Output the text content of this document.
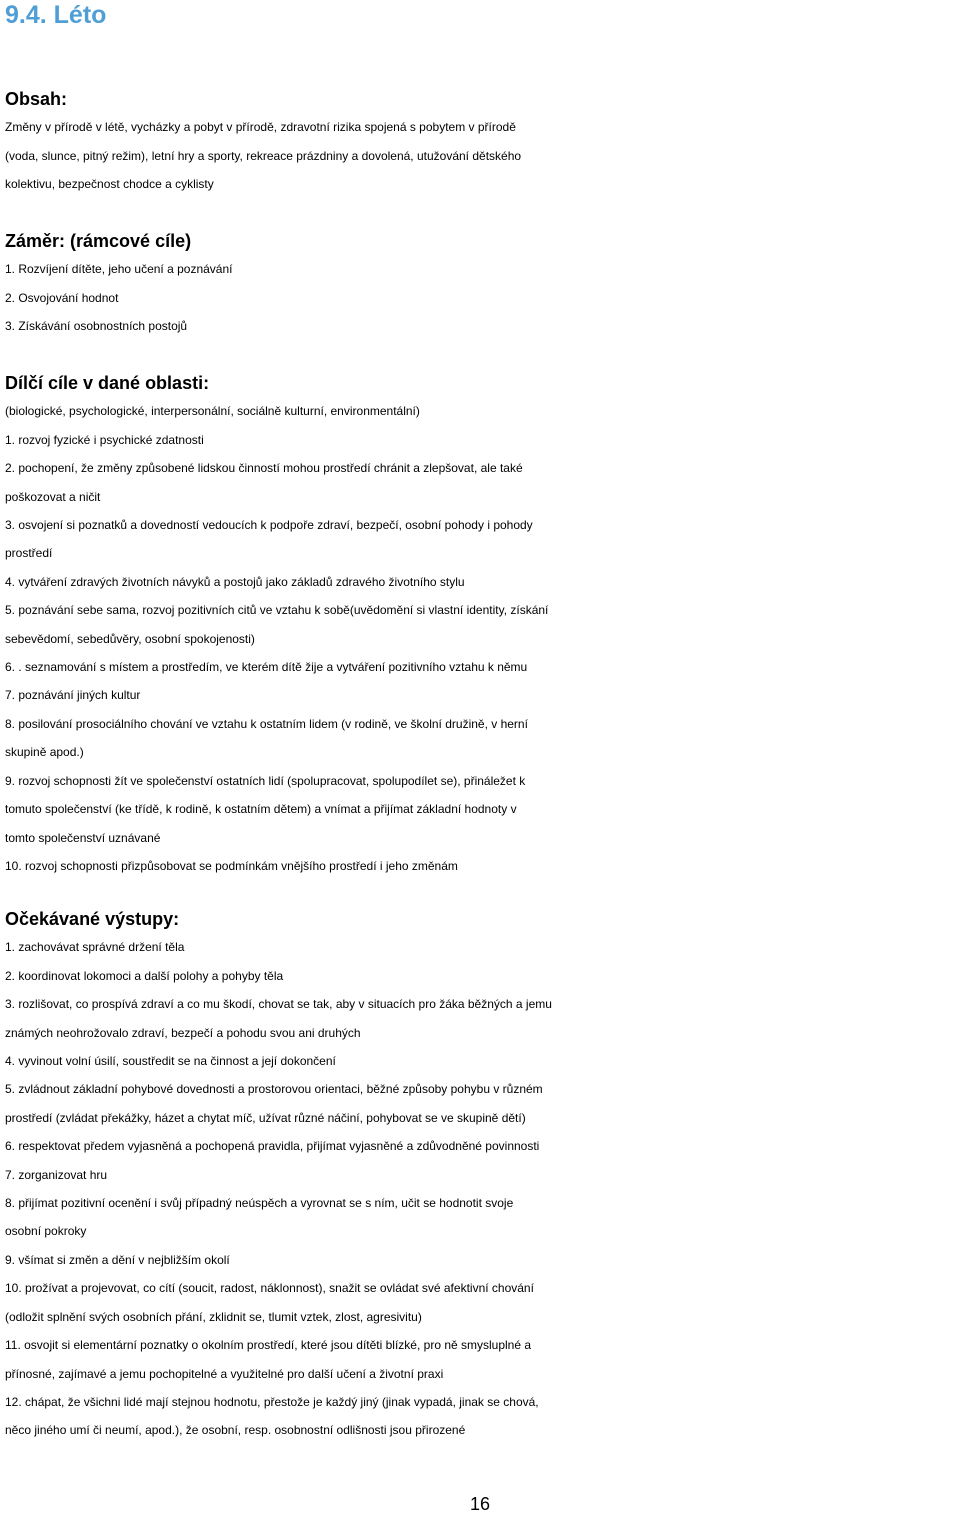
9.4. Léto

Obsah:

Změny v přírodě v létě, vycházky a pobyt v přírodě, zdravotní rizika spojená s pobytem v přírodě

(voda, slunce, pitný režim), letní hry a sporty, rekreace prázdniny a dovolená, utužování dětského

kolektivu, bezpečnost chodce a cyklisty

Záměr: (rámcové cíle)

1. Rozvíjení dítěte, jeho učení a poznávání

2. Osvojování hodnot

3. Získávání osobnostních postojů

Dílčí cíle v dané oblasti:

(biologické, psychologické, interpersonální, sociálně kulturní, environmentální)

1. rozvoj fyzické i psychické zdatnosti

2. pochopení, že změny způsobené lidskou činností mohou prostředí chránit a zlepšovat, ale také

poškozovat a ničit

3. osvojení si poznatků a dovedností vedoucích k podpoře zdraví, bezpečí, osobní pohody i pohody

prostředí

4. vytváření zdravých životních návyků a postojů jako základů zdravého životního stylu

5. poznávání sebe sama, rozvoj pozitivních citů ve vztahu k sobě(uvědomění si vlastní identity, získání

sebevědomí, sebedůvěry, osobní spokojenosti)

6. . seznamování s místem a prostředím, ve kterém dítě žije a vytváření pozitivního vztahu k němu

7. poznávání jiných kultur

8. posilování prosociálního chování ve vztahu k ostatním lidem (v rodině, ve školní družině, v herní

skupině apod.)

9. rozvoj schopnosti žít ve společenství ostatních lidí (spolupracovat, spolupodílet se), přináležet k

tomuto společenství (ke třídě, k rodině, k ostatním dětem) a vnímat a přijímat základní hodnoty v

tomto společenství uznávané

10. rozvoj schopnosti přizpůsobovat se podmínkám vnějšího prostředí i jeho změnám

Očekávané výstupy:

1. zachovávat správné držení těla

2. koordinovat lokomoci a další polohy a pohyby těla

3. rozlišovat, co prospívá zdraví a co mu škodí, chovat se tak, aby v situacích pro žáka běžných a jemu

známých neohrožovalo zdraví, bezpečí a pohodu svou ani druhých

4. vyvinout volní úsilí, soustředit se na činnost a její dokončení

5. zvládnout základní pohybové dovednosti a prostorovou orientaci, běžné způsoby pohybu v různém

prostředí (zvládat překážky, házet a chytat míč, užívat různé náčiní, pohybovat se ve skupině dětí)

6. respektovat předem vyjasněná a pochopená pravidla, přijímat vyjasněné a zdůvodněné povinnosti

7. zorganizovat hru

8. přijímat pozitivní ocenění i svůj případný neúspěch a vyrovnat se s ním, učit se hodnotit svoje

osobní pokroky

9. všímat si změn a dění v nejbližším okolí

10. prožívat a projevovat, co cítí (soucit, radost, náklonnost), snažit se ovládat své afektivní chování

(odložit splnění svých osobních přání, zklidnit se, tlumit vztek, zlost, agresivitu)

11. osvojit si elementární poznatky o okolním prostředí, které jsou dítěti blízké, pro ně smysluplné a

přínosné, zajímavé a jemu pochopitelné a využitelné pro další učení a životní praxi

12. chápat, že všichni lidé mají stejnou hodnotu, přestože je každý jiný (jinak vypadá, jinak se chová,

něco jiného umí či neumí, apod.), že osobní, resp. osobnostní odlišnosti jsou přirozené

16
